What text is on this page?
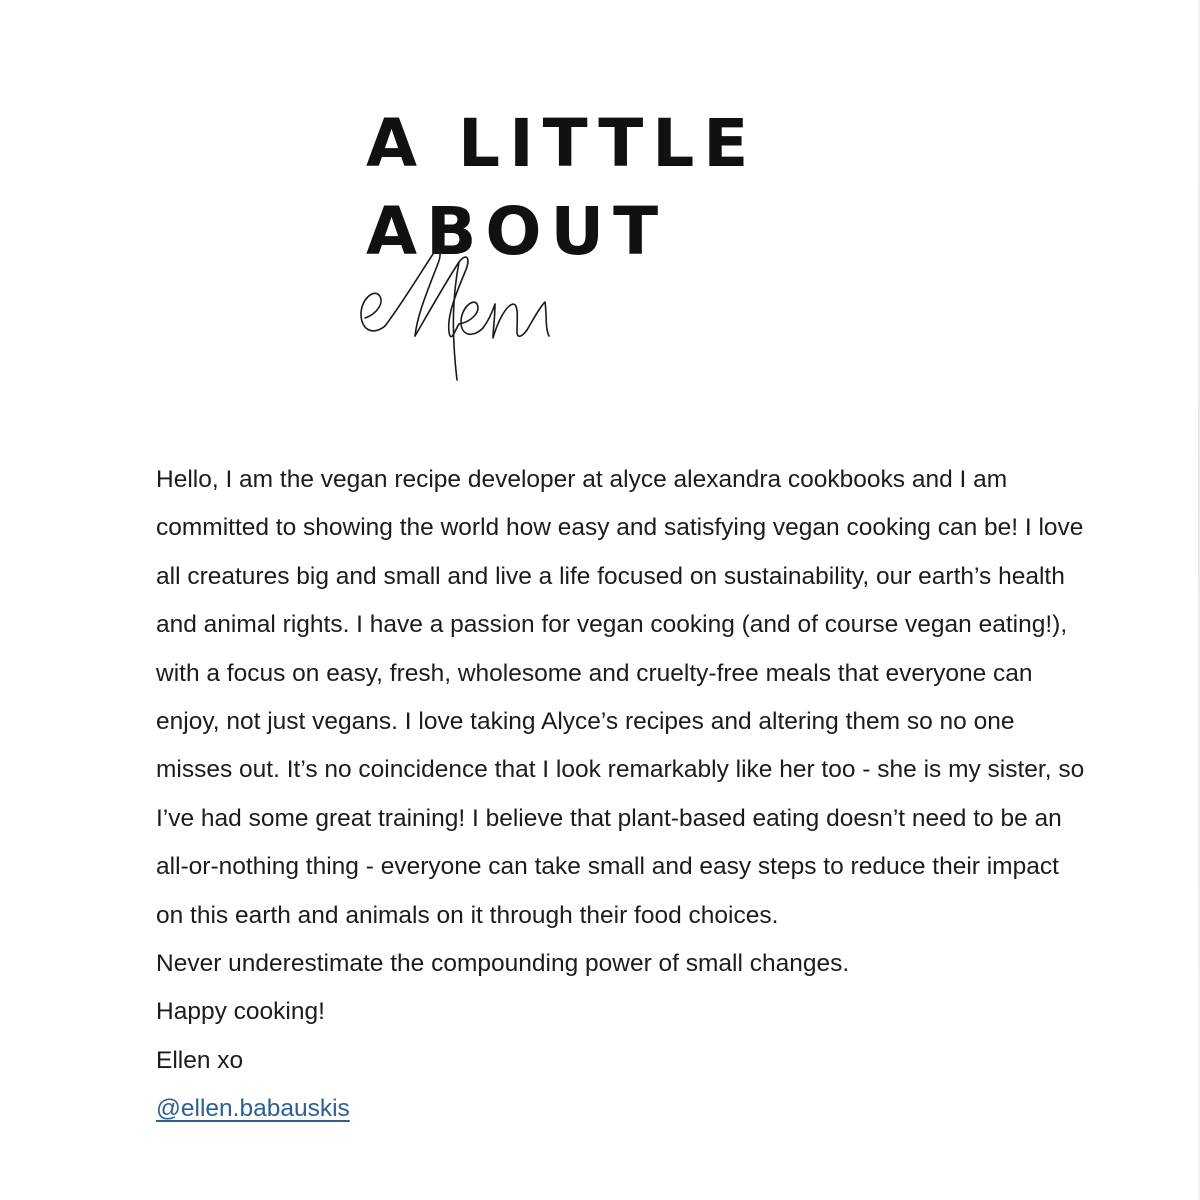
A LITTLE
ABOUT

Hello, I am the vegan recipe developer at alyce alexandra cookbooks and I am committed to showing the world how easy and satisfying vegan cooking can be! I love all creatures big and small and live a life focused on sustainability, our earth’s health and animal rights. I have a passion for vegan cooking (and of course vegan eating!), with a focus on easy, fresh, wholesome and cruelty-free meals that everyone can enjoy, not just vegans. I love taking Alyce’s recipes and altering them so no one misses out. It’s no coincidence that I look remarkably like her too - she is my sister, so I’ve had some great training! I believe that plant-based eating doesn’t need to be an all-or-nothing thing - everyone can take small and easy steps to reduce their impact on this earth and animals on it through their food choices.

Never underestimate the compounding power of small changes.

Happy cooking!

Ellen xo

@ellen.babauskis
